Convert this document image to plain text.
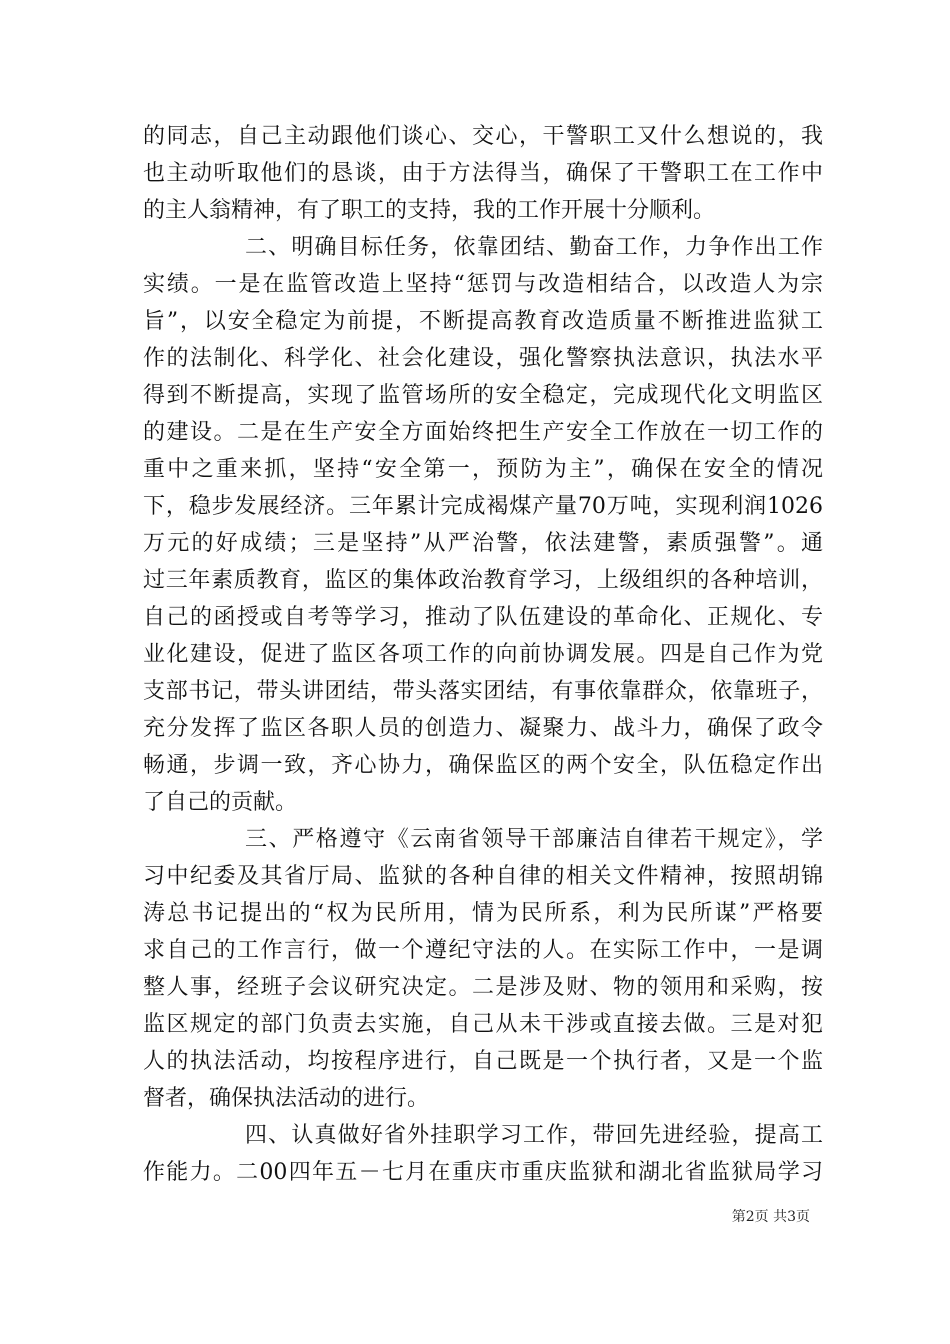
的同志，自己主动跟他们谈心、交心，干警职工又什么想说的，我
也主动听取他们的恳谈，由于方法得当，确保了干警职工在工作中
的主人翁精神，有了职工的支持，我的工作开展十分顺利。
二、明确目标任务，依靠团结、勤奋工作，力争作出工作
实绩。一是在监管改造上坚持“惩罚与改造相结合，以改造人为宗
旨”，以安全稳定为前提，不断提高教育改造质量不断推进监狱工
作的法制化、科学化、社会化建设，强化警察执法意识，执法水平
得到不断提高，实现了监管场所的安全稳定，完成现代化文明监区
的建设。二是在生产安全方面始终把生产安全工作放在一切工作的
重中之重来抓，坚持“安全第一，预防为主”，确保在安全的情况
下，稳步发展经济。三年累计完成褐煤产量70万吨，实现利润1026
万元的好成绩；三是坚持”从严治警，依法建警，素质强警”。通
过三年素质教育，监区的集体政治教育学习，上级组织的各种培训，
自己的函授或自考等学习，推动了队伍建设的革命化、正规化、专
业化建设，促进了监区各项工作的向前协调发展。四是自己作为党
支部书记，带头讲团结，带头落实团结，有事依靠群众，依靠班子，
充分发挥了监区各职人员的创造力、凝聚力、战斗力，确保了政令
畅通，步调一致，齐心协力，确保监区的两个安全，队伍稳定作出
了自己的贡献。
三、严格遵守《云南省领导干部廉洁自律若干规定》，学
习中纪委及其省厅局、监狱的各种自律的相关文件精神，按照胡锦
涛总书记提出的“权为民所用，情为民所系，利为民所谋”严格要
求自己的工作言行，做一个遵纪守法的人。在实际工作中，一是调
整人事，经班子会议研究决定。二是涉及财、物的领用和采购，按
监区规定的部门负责去实施，自己从未干涉或直接去做。三是对犯
人的执法活动，均按程序进行，自己既是一个执行者，又是一个监
督者，确保执法活动的进行。
四、认真做好省外挂职学习工作，带回先进经验，提高工
作能力。二00四年五－七月在重庆市重庆监狱和湖北省监狱局学习
第2页 共3页
